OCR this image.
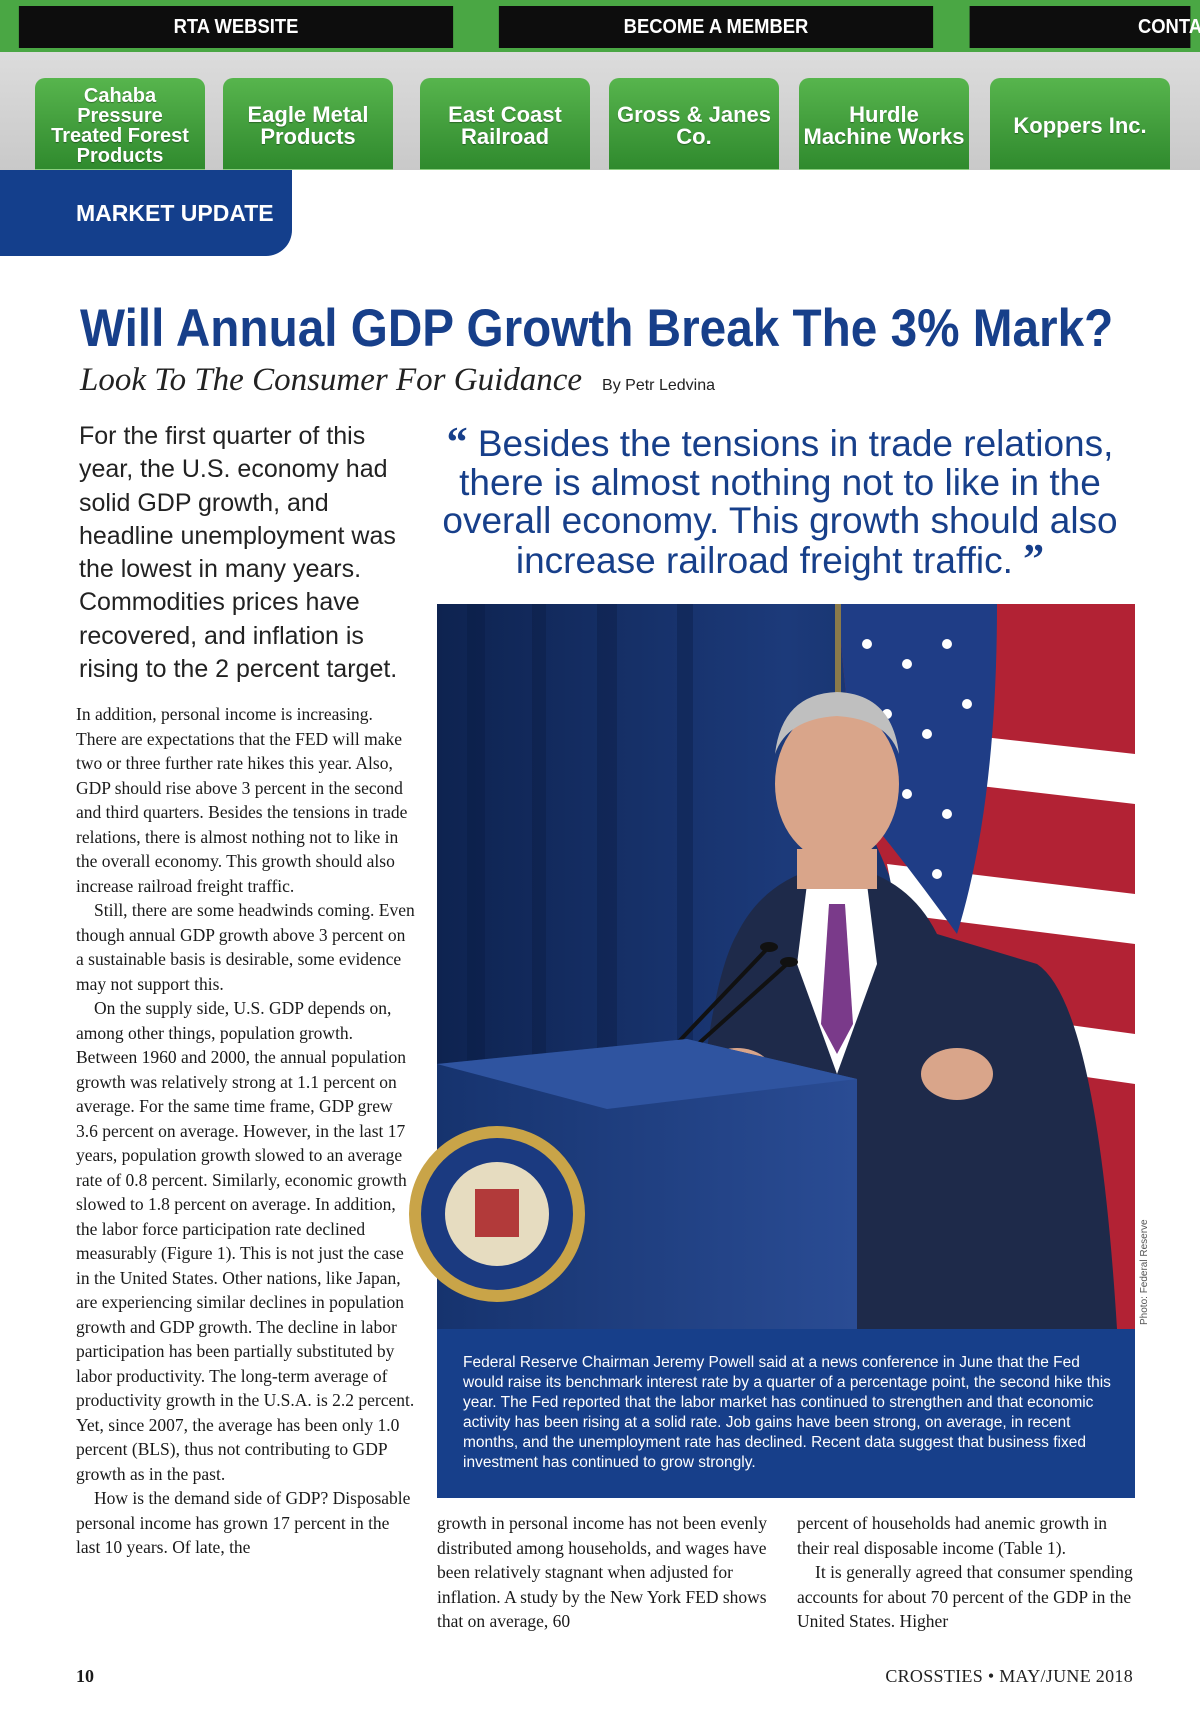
RTA WEBSITE	BECOME A MEMBER	CONTA
Cahaba Pressure Treated Forest Products
Eagle Metal Products
East Coast Railroad
Gross & Janes Co.
Hurdle Machine Works	Koppers Inc.
MARKET UPDATE
Will Annual GDP Growth Break The 3% Mark?
Look To The Consumer For Guidance By Petr Ledvina
For the first quarter of this year, the U.S. economy had solid GDP growth, and headline unemployment was the lowest in many years. Commodities prices have recovered, and inflation is rising to the 2 percent target.
“ Besides the tensions in trade relations, there is almost nothing not to like in the overall economy. This growth should also increase railroad freight traffic. ”
Photo: Federal Reserve
Federal Reserve Chairman Jeremy Powell said at a news conference in June that the Fed would raise its benchmark interest rate by a quarter of a percentage point, the second hike this year. The Fed reported that the labor market has continued to strengthen and that economic activity has been rising at a solid rate. Job gains have been strong, on average, in recent months, and the unemployment rate has declined. Recent data suggest that business fixed investment has continued to grow strongly.

In addition, personal income is increasing. There are expectations that the FED will make two or three further rate hikes this year. Also, GDP should rise above 3 percent in the second and third quarters. Besides the tensions in trade relations, there is almost nothing not to like in the overall economy. This growth should also increase railroad freight traffic.

Still, there are some headwinds coming. Even though annual GDP growth above 3 percent on a sustainable basis is desirable, some evidence may not support this.

On the supply side, U.S. GDP depends on, among other things, population growth. Between 1960 and 2000, the annual population growth was relatively strong at 1.1 percent on average. For the same time frame, GDP grew 3.6 percent on average. However, in the last 17 years, population growth slowed to an average rate of 0.8 percent. Similarly, economic growth slowed to 1.8 percent on average. In addition, the labor force participation rate declined measurably (Figure 1). This is not just the case in the United States. Other nations, like Japan, are experiencing similar declines in population growth and GDP growth. The decline in labor participation has been partially substituted by labor productivity. The long-term average of productivity growth in the U.S.A. is 2.2 percent. Yet, since 2007, the average has been only 1.0 percent (BLS), thus not contributing to GDP growth as in the past.

How is the demand side of GDP? Disposable personal income has grown 17 percent in the last 10 years. Of late, the

growth in personal income has not been evenly distributed among households, and wages have been relatively stagnant when adjusted for inflation. A study by the New York FED shows that on average, 60

percent of households had anemic growth in their real disposable income (Table 1).

It is generally agreed that consumer spending accounts for about 70 percent of the GDP in the United States. Higher

10	CROSSTIES • MAY/JUNE 2018
